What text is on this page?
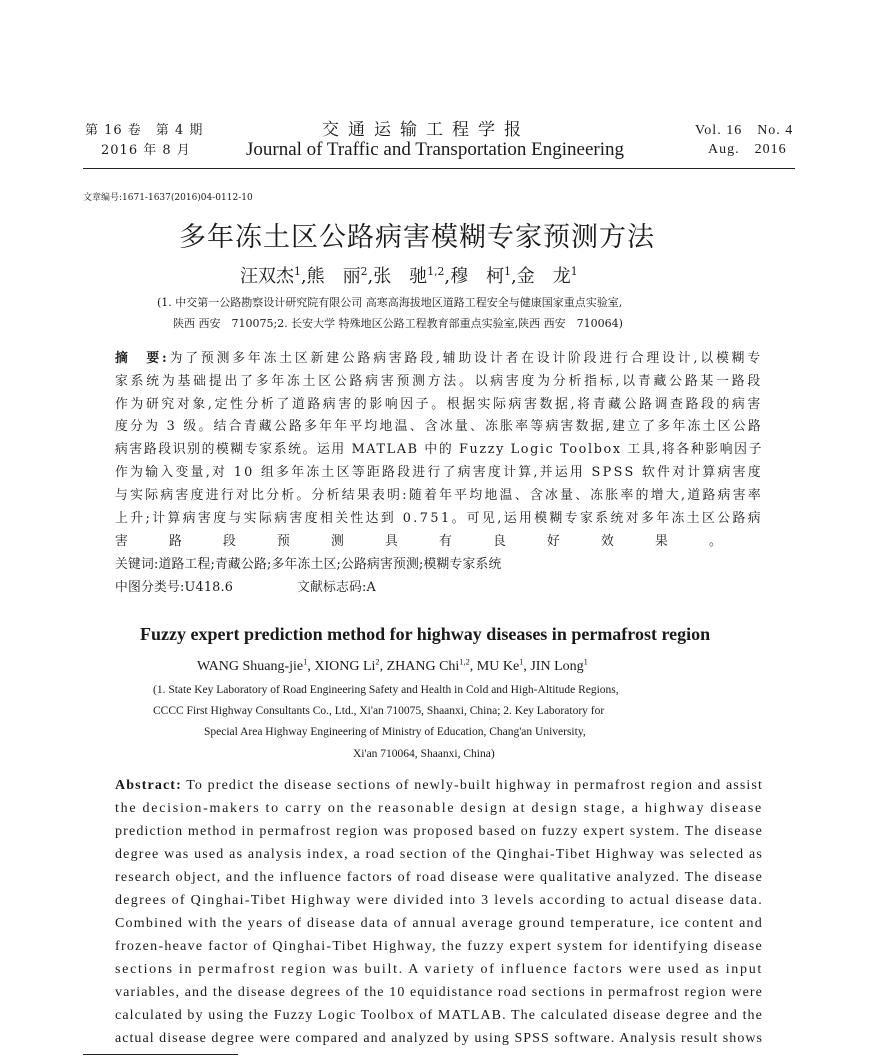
第 16 卷　第 4 期
2016 年 8 月
交通运输工程学报
Journal of Traffic and Transportation Engineering
Vol. 16　No. 4
Aug.　2016
文章编号:1671-1637(2016)04-0112-10
多年冻土区公路病害模糊专家预测方法
汪双杰$^1$,熊　丽$^2$,张　驰$^{1,2}$,穆　柯$^1$,金　龙$^1$
(1. 中交第一公路勘察设计研究院有限公司 高寒高海拔地区道路工程安全与健康国家重点实验室,
陕西 西安　710075;2. 长安大学 特殊地区公路工程教育部重点实验室,陕西 西安　710064)
摘　要:为了预测多年冻土区新建公路病害路段,辅助设计者在设计阶段进行合理设计,以模糊专
家系统为基础提出了多年冻土区公路病害预测方法。以病害度为分析指标,以青藏公路某一路段
作为研究对象,定性分析了道路病害的影响因子。根据实际病害数据,将青藏公路调查路段的病害
度分为 3 级。结合青藏公路多年年平均地温、含冰量、冻胀率等病害数据,建立了多年冻土区公路
病害路段识别的模糊专家系统。运用 MATLAB 中的 Fuzzy Logic Toolbox 工具,将各种影响因子
作为输入变量,对 10 组多年冻土区等距路段进行了病害度计算,并运用 SPSS 软件对计算病害度
与实际病害度进行对比分析。分析结果表明:随着年平均地温、含冰量、冻胀率的增大,道路病害率
上升;计算病害度与实际病害度相关性达到 0.751。可见,运用模糊专家系统对多年冻土区公路病
害路段预测具有良好效果。
关键词:道路工程;青藏公路;多年冻土区;公路病害预测;模糊专家系统
中图分类号:U418.6	文献标志码:A
Fuzzy expert prediction method for highway diseases in permafrost region
WANG Shuang-jie$^1$, XIONG Li$^2$, ZHANG Chi$^{1,2}$, MU Ke$^1$, JIN Long$^1$
(1. State Key Laboratory of Road Engineering Safety and Health in Cold and High-Altitude Regions,
CCCC First Highway Consultants Co., Ltd., Xi'an 710075, Shaanxi, China; 2. Key Laboratory for
Special Area Highway Engineering of Ministry of Education, Chang'an University,
Xi'an 710064, Shaanxi, China)
Abstract: To predict the disease sections of newly-built highway in permafrost region and assist
the decision-makers to carry on the reasonable design at design stage, a highway disease
prediction method in permafrost region was proposed based on fuzzy expert system. The disease
degree was used as analysis index, a road section of the Qinghai-Tibet Highway was selected as
research object, and the influence factors of road disease were qualitative analyzed. The disease
degrees of Qinghai-Tibet Highway were divided into 3 levels according to actual disease data.
Combined with the years of disease data of annual average ground temperature, ice content and
frozen-heave factor of Qinghai-Tibet Highway, the fuzzy expert system for identifying disease
sections in permafrost region was built. A variety of influence factors were used as input
variables, and the disease degrees of the 10 equidistance road sections in permafrost region were
calculated by using the Fuzzy Logic Toolbox of MATLAB. The calculated disease degree and the
actual disease degree were compared and analyzed by using SPSS software. Analysis result shows
